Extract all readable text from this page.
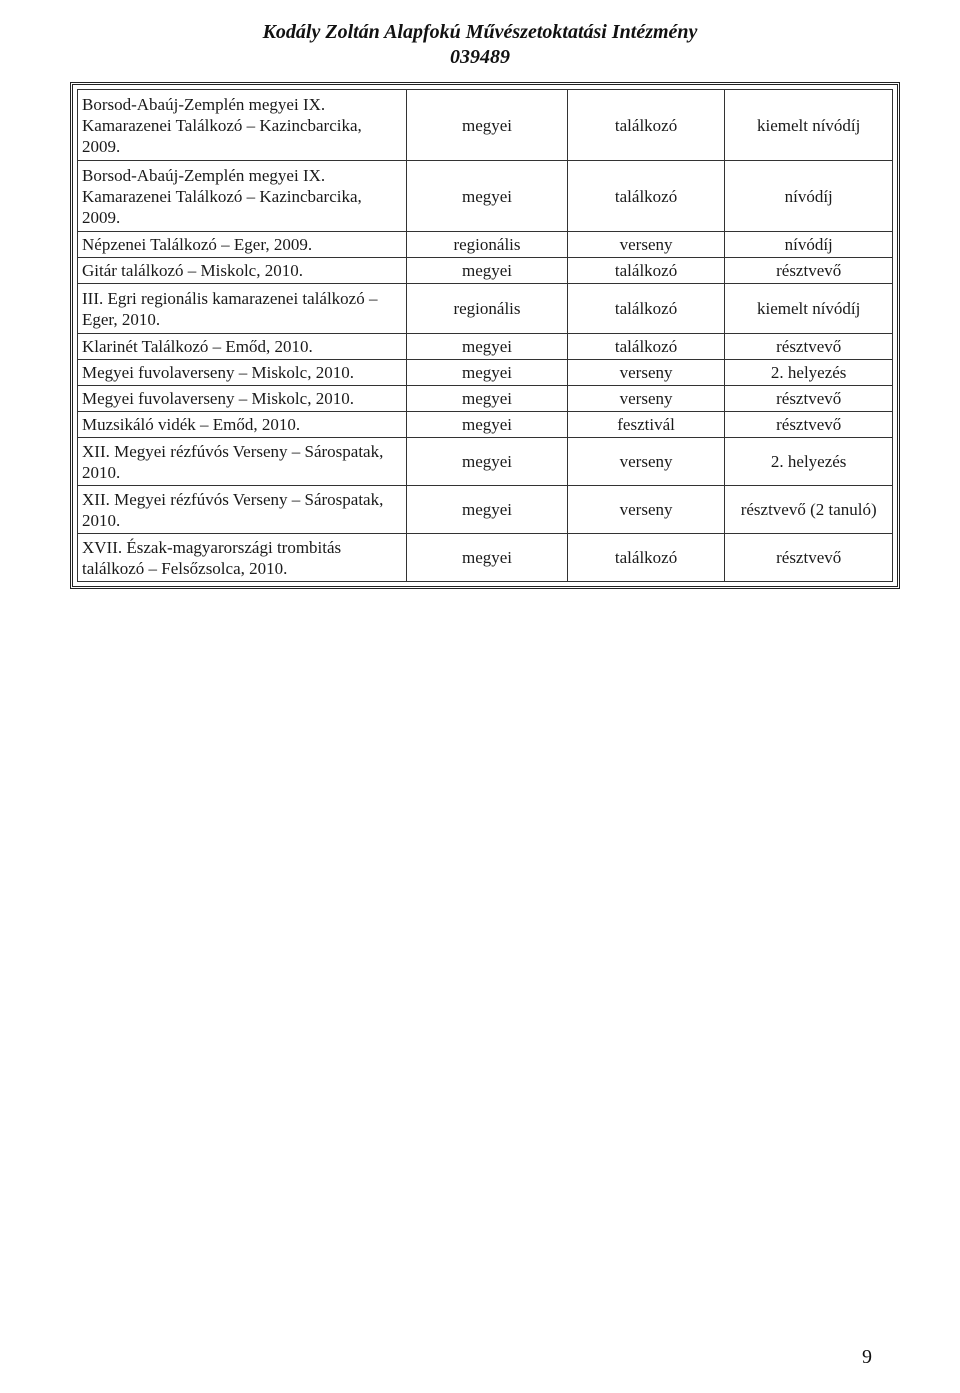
Kodály Zoltán Alapfokú Művészetoktatási Intézmény
039489
Borsod-Abaúj-Zemplén megyei IX. Kamarazenei Találkozó – Kazincbarcika, 2009.	megyei	találkozó	kiemelt nívódíj
Borsod-Abaúj-Zemplén megyei IX. Kamarazenei Találkozó – Kazincbarcika, 2009.	megyei	találkozó	nívódíj
Népzenei Találkozó – Eger, 2009.	regionális	verseny	nívódíj
Gitár találkozó – Miskolc, 2010.	megyei	találkozó	résztvevő
III. Egri regionális kamarazenei találkozó – Eger, 2010.	regionális	találkozó	kiemelt nívódíj
Klarinét Találkozó – Emőd, 2010.	megyei	találkozó	résztvevő
Megyei fuvolaverseny – Miskolc, 2010.	megyei	verseny	2. helyezés
Megyei fuvolaverseny – Miskolc, 2010.	megyei	verseny	résztvevő
Muzsikáló vidék – Emőd, 2010.	megyei	fesztivál	résztvevő
XII. Megyei rézfúvós Verseny – Sárospatak, 2010.	megyei	verseny	2. helyezés
XII. Megyei rézfúvós Verseny – Sárospatak, 2010.	megyei	verseny	résztvevő (2 tanuló)
XVII. Észak-magyarországi trombitás találkozó – Felsőzsolca, 2010.	megyei	találkozó	résztvevő
9
